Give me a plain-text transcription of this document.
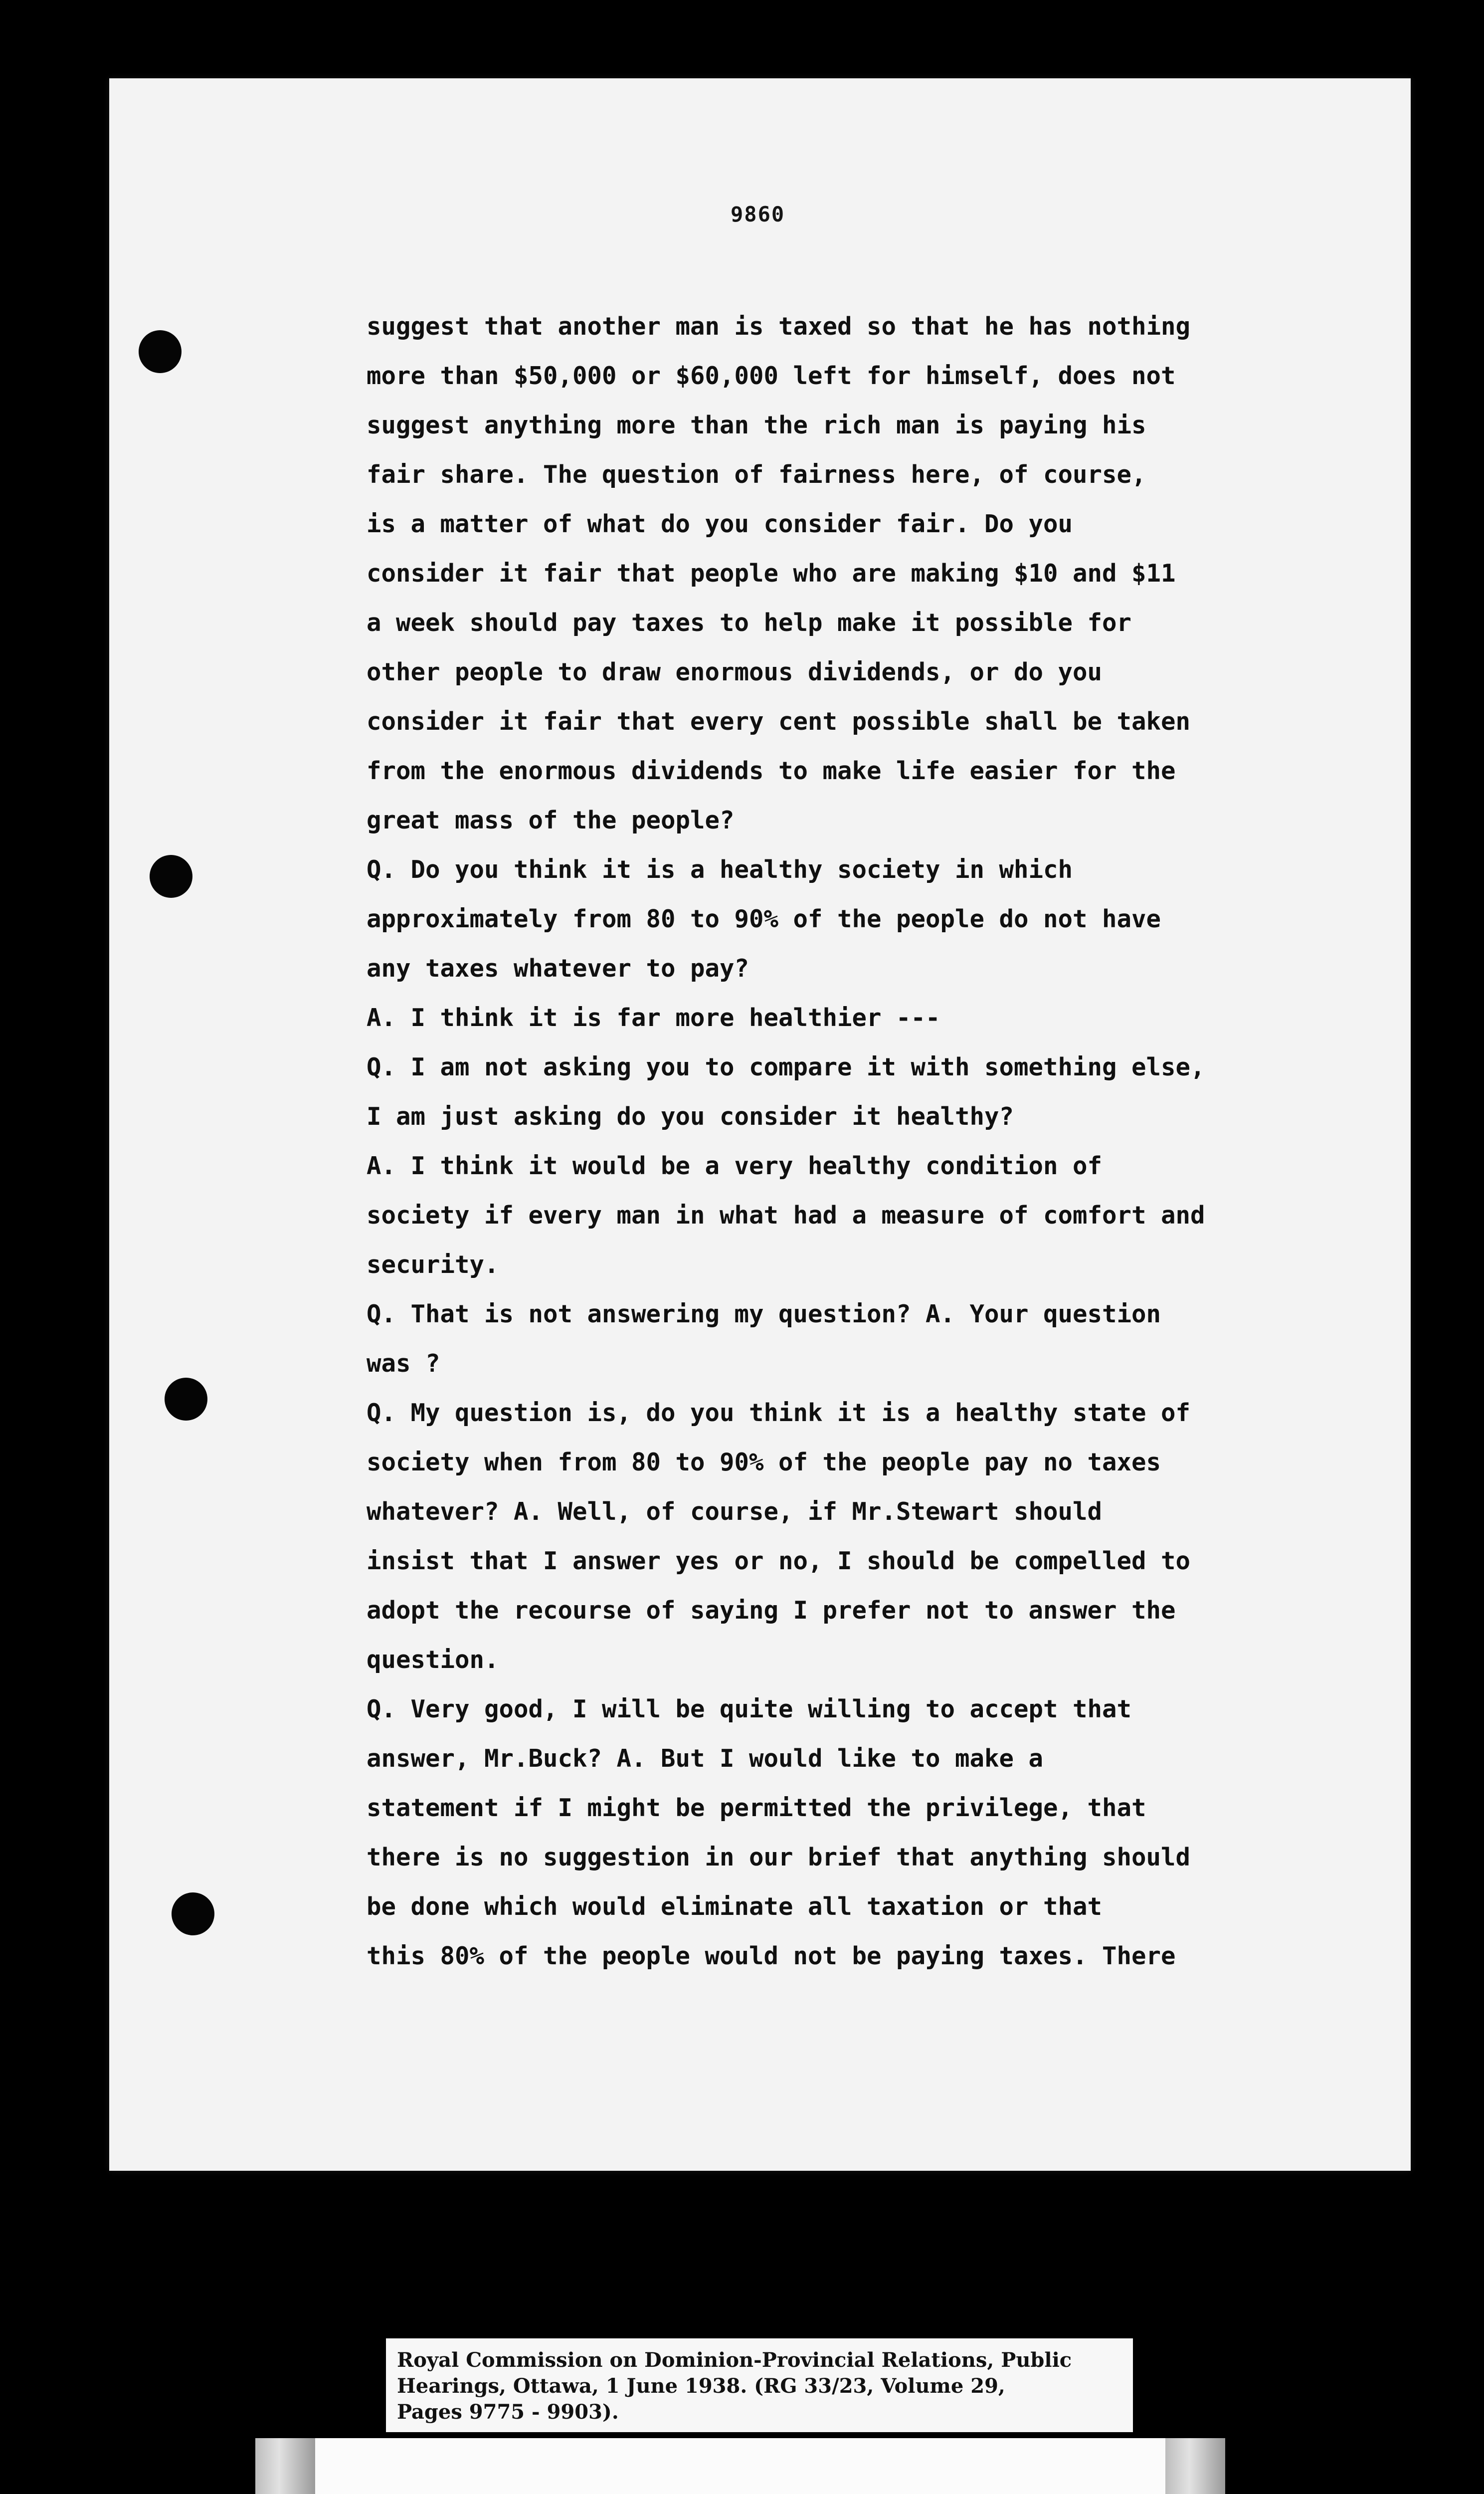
9860
suggest that another man is taxed so that he has nothing
more than $50,000 or $60,000 left for himself, does not
suggest anything more than the rich man is paying his
fair share. The question of fairness here, of course,
is a matter of what do you consider fair. Do you
consider it fair that people who are making $10 and $11
a week should pay taxes to help make it possible for
other people to draw enormous dividends, or do you
consider it fair that every cent possible shall be taken
from the enormous dividends to make life easier for the
great mass of the people?
Q. Do you think it is a healthy society in which
approximately from 80 to 90% of the people do not have
any taxes whatever to pay?
A. I think it is far more healthier ---
Q. I am not asking you to compare it with something else,
I am just asking do you consider it healthy?
A. I think it would be a very healthy condition of
society if every man in what had a measure of comfort and
security.
Q. That is not answering my question? A. Your question
was ?
Q. My question is, do you think it is a healthy state of
society when from 80 to 90% of the people pay no taxes
whatever? A. Well, of course, if Mr.Stewart should
insist that I answer yes or no, I should be compelled to
adopt the recourse of saying I prefer not to answer the
question.
Q. Very good, I will be quite willing to accept that
answer, Mr.Buck? A. But I would like to make a
statement if I might be permitted the privilege, that
there is no suggestion in our brief that anything should
be done which would eliminate all taxation or that
this 80% of the people would not be paying taxes. There
Royal Commission on Dominion-Provincial Relations, Public
Hearings, Ottawa, 1 June 1938. (RG 33/23, Volume 29,
Pages 9775 - 9903).
